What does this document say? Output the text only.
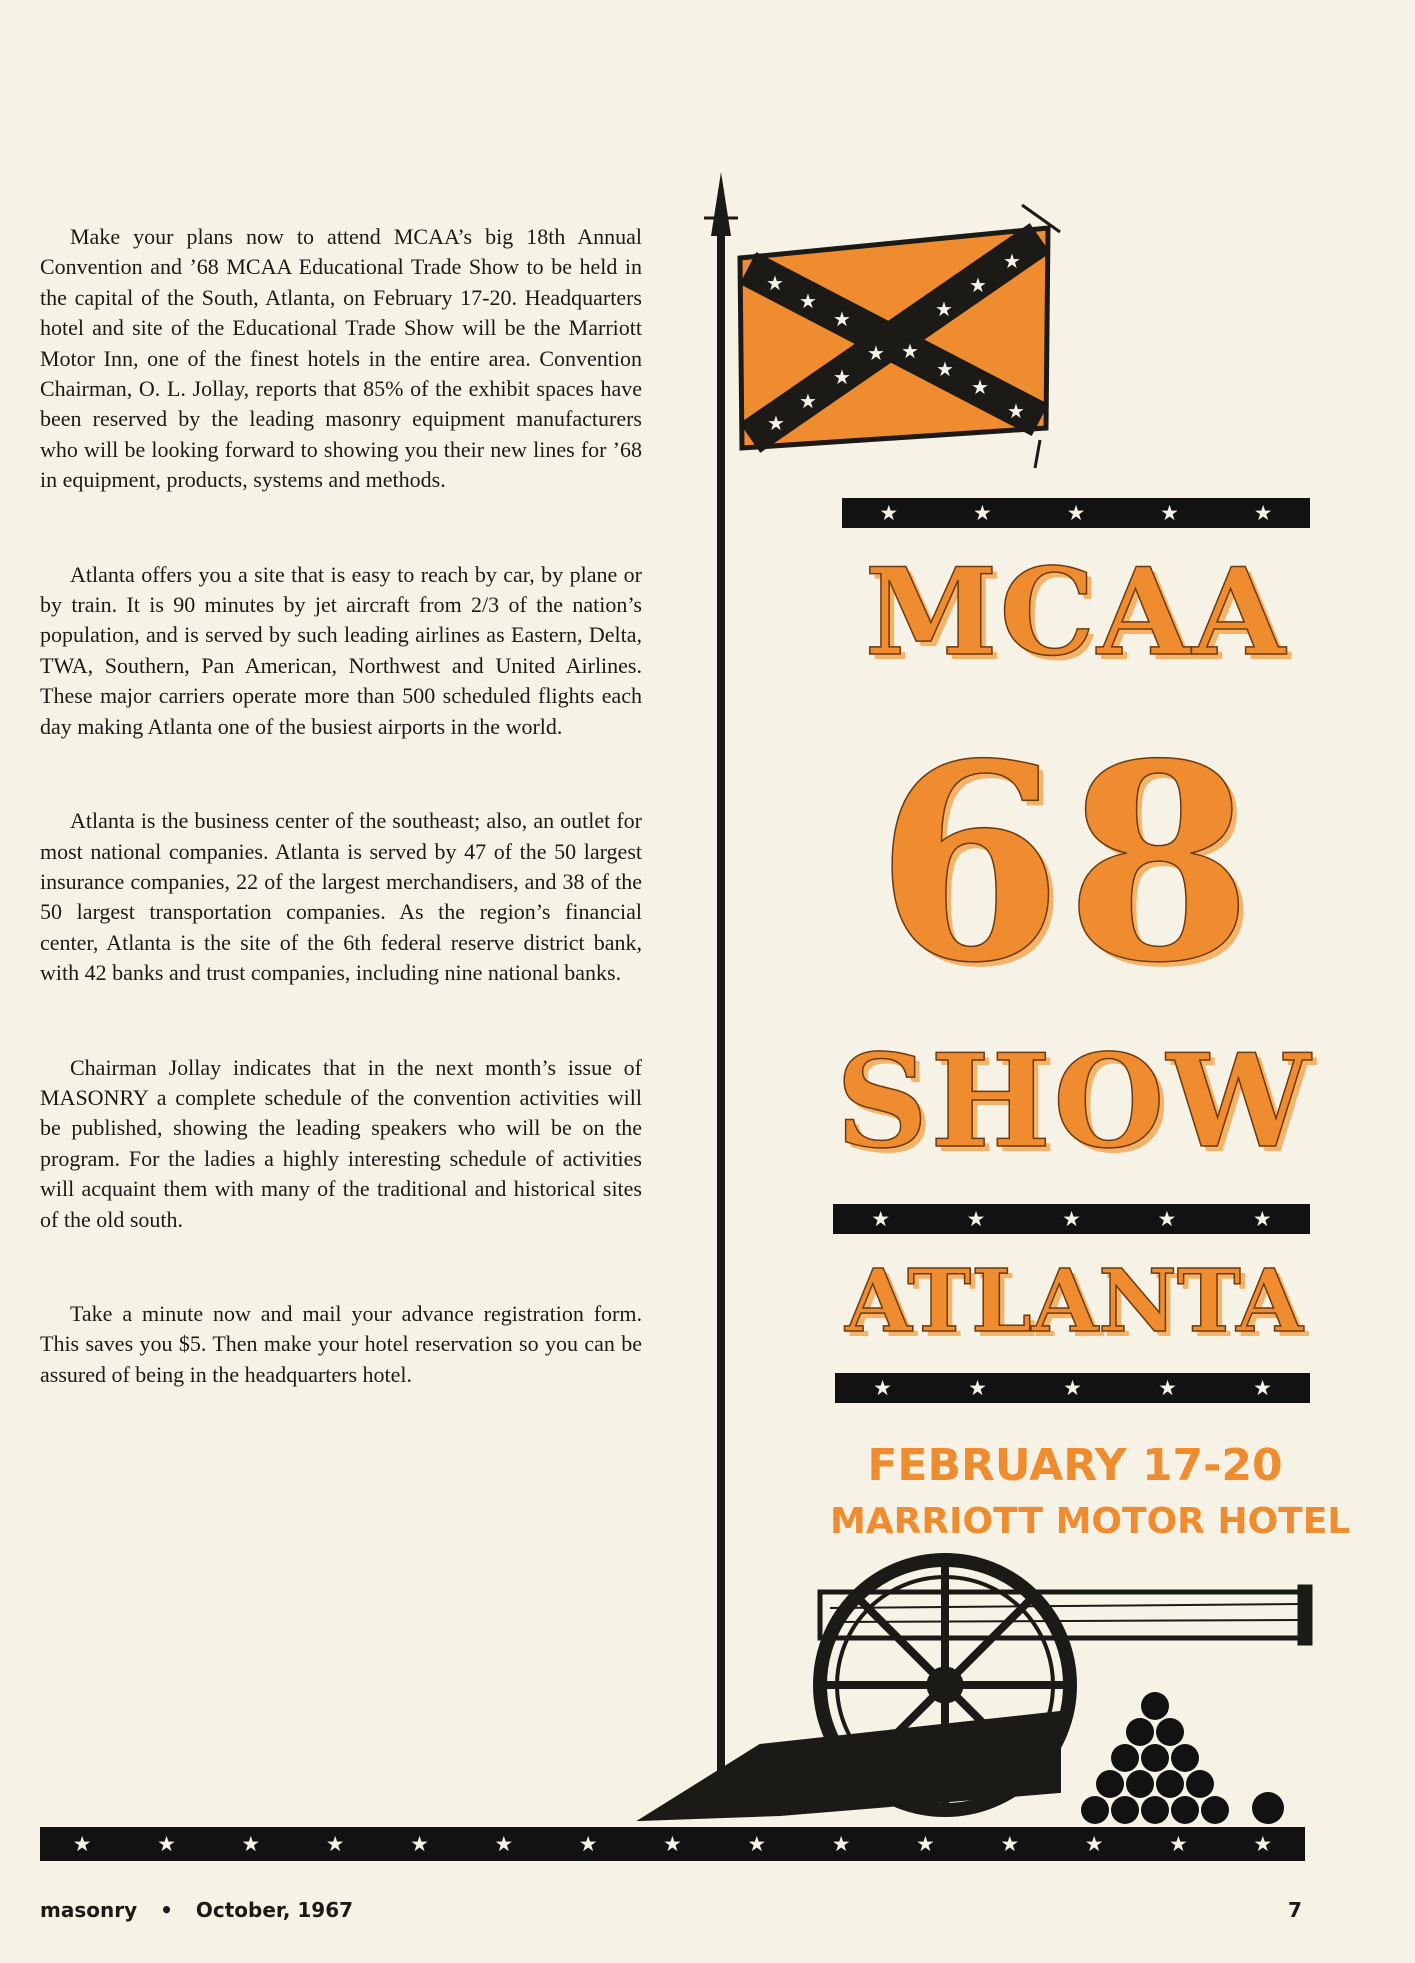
Make your plans now to attend MCAA’s big 18th Annual Convention and ’68 MCAA Educational Trade Show to be held in the capital of the South, Atlanta, on February 17-20. Headquarters hotel and site of the Educational Trade Show will be the Marriott Motor Inn, one of the finest hotels in the entire area. Convention Chairman, O. L. Jollay, reports that 85% of the exhibit spaces have been reserved by the leading masonry equipment manufacturers who will be looking forward to showing you their new lines for ’68 in equipment, products, systems and methods.

Atlanta offers you a site that is easy to reach by car, by plane or by train. It is 90 minutes by jet aircraft from 2/3 of the nation’s population, and is served by such leading airlines as Eastern, Delta, TWA, Southern, Pan American, Northwest and United Airlines. These major carriers operate more than 500 scheduled flights each day making Atlanta one of the busiest airports in the world.

Atlanta is the business center of the southeast; also, an outlet for most national companies. Atlanta is served by 47 of the 50 largest insurance companies, 22 of the largest merchandisers, and 38 of the 50 largest transportation companies. As the region’s financial center, Atlanta is the site of the 6th federal reserve district bank, with 42 banks and trust companies, including nine national banks.

Chairman Jollay indicates that in the next month’s issue of MASONRY a complete schedule of the convention activities will be published, showing the leading speakers who will be on the program. For the ladies a highly interesting schedule of activities will acquaint them with many of the traditional and historical sites of the old south.

Take a minute now and mail your advance registration form. This saves you $5. Then make your hotel reservation so you can be assured of being in the headquarters hotel.

★
★
★
★
★
★
★
★
★
★
★
★
★	★
★	★	★	★	★
★	★	★	★	★
★	★	★	★	★
★	★	★	★	★	★	★	★	★	★	★	★	★	★	★
MCAA
68
SHOW
ATLANTA
FEBRUARY 17-20
MARRIOTT MOTOR HOTEL
masonry • October, 1967	7
